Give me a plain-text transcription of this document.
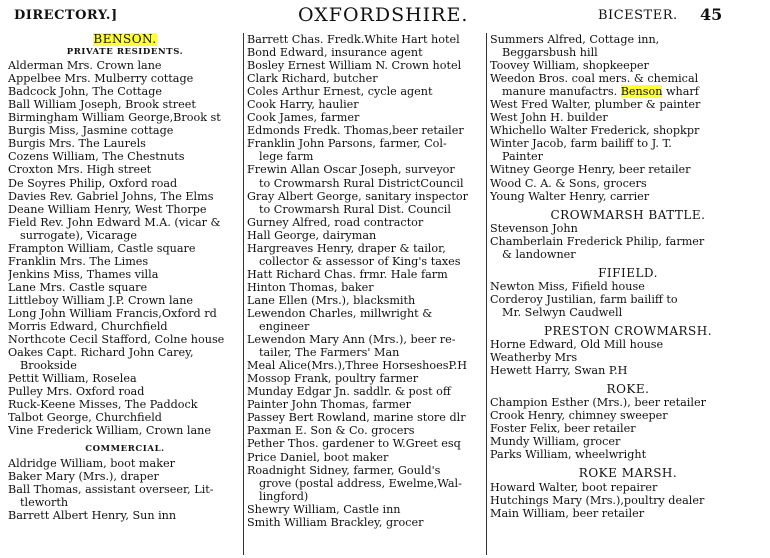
DIRECTORY.]	OXFORDSHIRE.	BICESTER. 45
BENSON.
PRIVATE RESIDENTS.
Alderman Mrs. Crown lane
Appelbee Mrs. Mulberry cottage
Badcock John, The Cottage
Ball William Joseph, Brook street
Birmingham William George,Brook st
Burgis Miss, Jasmine cottage
Burgis Mrs. The Laurels
Cozens William, The Chestnuts
Croxton Mrs. High street
De Soyres Philip, Oxford road
Davies Rev. Gabriel Johns, The Elms
Deane William Henry, West Thorpe
Field Rev. John Edward M.A. (vicar &
surrogate), Vicarage
Frampton William, Castle square
Franklin Mrs. The Limes
Jenkins Miss, Thames villa
Lane Mrs. Castle square
Littleboy William J.P. Crown lane
Long John William Francis,Oxford rd
Morris Edward, Churchfield
Northcote Cecil Stafford, Colne house
Oakes Capt. Richard John Carey,
Brookside
Pettit William, Roselea
Pulley Mrs. Oxford road
Ruck-Keene Misses, The Paddock
Talbot George, Churchfield
Vine Frederick William, Crown lane
COMMERCIAL.
Aldridge William, boot maker
Baker Mary (Mrs.), draper
Ball Thomas, assistant overseer, Lit-
tleworth
Barrett Albert Henry, Sun inn
Barrett Chas. Fredk.White Hart hotel
Bond Edward, insurance agent
Bosley Ernest William N. Crown hotel
Clark Richard, butcher
Coles Arthur Ernest, cycle agent
Cook Harry, haulier
Cook James, farmer
Edmonds Fredk. Thomas,beer retailer
Franklin John Parsons, farmer, Col-
lege farm
Frewin Allan Oscar Joseph, surveyor
to Crowmarsh Rural DistrictCouncil
Gray Albert George, sanitary inspector
to Crowmarsh Rural Dist. Council
Gurney Alfred, road contractor
Hall George, dairyman
Hargreaves Henry, draper & tailor,
collector & assessor of King's taxes
Hatt Richard Chas. frmr. Hale farm
Hinton Thomas, baker
Lane Ellen (Mrs.), blacksmith
Lewendon Charles, millwright &
engineer
Lewendon Mary Ann (Mrs.), beer re-
tailer, The Farmers' Man
Meal Alice(Mrs.),Three HorseshoesP.H
Mossop Frank, poultry farmer
Munday Edgar Jn. saddlr. & post off
Painter John Thomas, farmer
Passey Bert Rowland, marine store dlr
Paxman E. Son & Co. grocers
Pether Thos. gardener to W.Greet esq
Price Daniel, boot maker
Roadnight Sidney, farmer, Gould's
grove (postal address, Ewelme,Wal-
lingford)
Shewry William, Castle inn
Smith William Brackley, grocer
Summers Alfred, Cottage inn,
Beggarsbush hill
Toovey William, shopkeeper
Weedon Bros. coal mers. & chemical
manure manufactrs. Benson wharf
West Fred Walter, plumber & painter
West John H. builder
Whichello Walter Frederick, shopkpr
Winter Jacob, farm bailiff to J. T.
Painter
Witney George Henry, beer retailer
Wood C. A. & Sons, grocers
Young Walter Henry, carrier
CROWMARSH BATTLE.
Stevenson John
Chamberlain Frederick Philip, farmer
& landowner
FIFIELD.
Newton Miss, Fifield house
Corderoy Justilian, farm bailiff to
Mr. Selwyn Caudwell
PRESTON CROWMARSH.
Horne Edward, Old Mill house
Weatherby Mrs
Hewett Harry, Swan P.H
ROKE.
Champion Esther (Mrs.), beer retailer
Crook Henry, chimney sweeper
Foster Felix, beer retailer
Mundy William, grocer
Parks William, wheelwright
ROKE MARSH.
Howard Walter, boot repairer
Hutchings Mary (Mrs.),poultry dealer
Main William, beer retailer
